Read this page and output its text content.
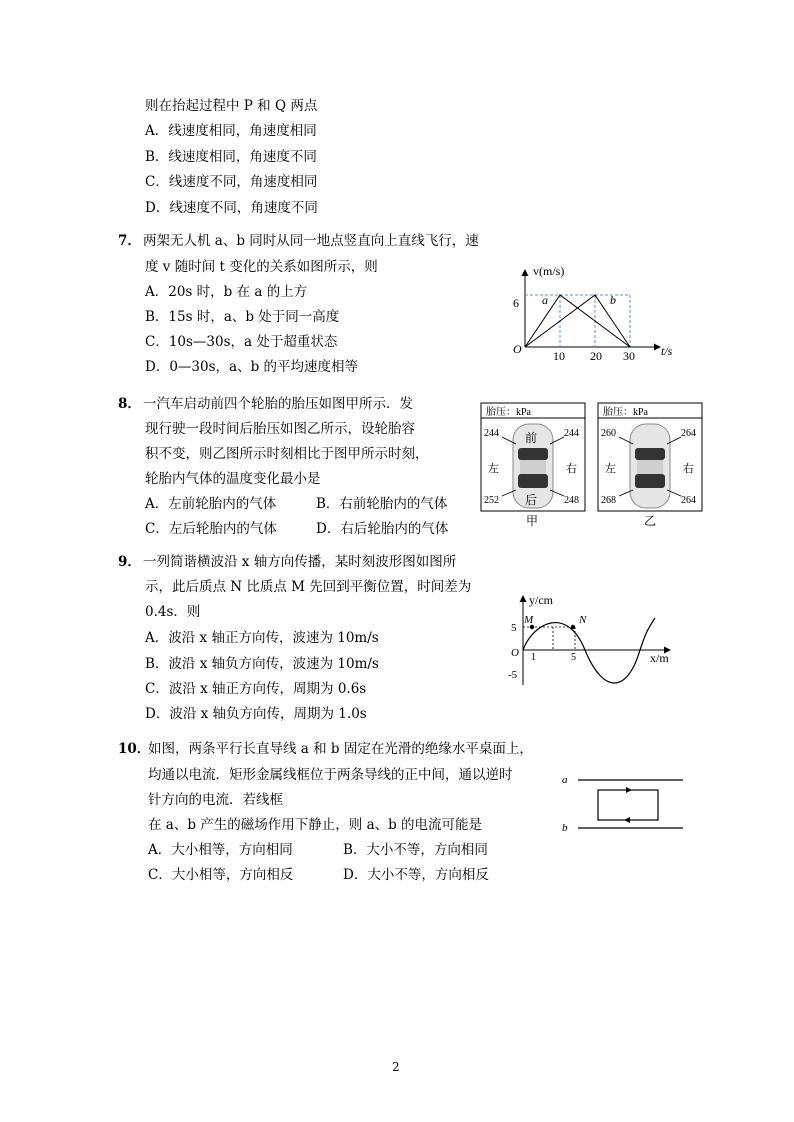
则在抬起过程中 P 和 Q 两点
A．线速度相同，角速度相同
B．线速度相同，角速度不同
C．线速度不同，角速度相同
D．线速度不同，角速度不同
7． 两架无人机 a、b 同时从同一地点竖直向上直线飞行，速
度 v 随时间 t 变化的关系如图所示，则
A．20s 时，b 在 a 的上方
B．15s 时，a、b 处于同一高度
C．10s—30s，a 处于超重状态
D．0—30s，a、b 的平均速度相等
v(m/s)
t/s
O
6
10 20 30
a	b
8． 一汽车启动前四个轮胎的胎压如图甲所示．发
现行驶一段时间后胎压如图乙所示，设轮胎容
积不变，则乙图所示时刻相比于图甲所示时刻，
轮胎内气体的温度变化最小是
A．左前轮胎内的气体	B．右前轮胎内的气体
C．左后轮胎内的气体	D．右后轮胎内的气体
胎压：kPa
前
后
左	右
244	244
252	248
甲
胎压：kPa
左	右
260	264
268	264
乙
9． 一列简谐横波沿 x 轴方向传播，某时刻波形图如图所
示，此后质点 N 比质点 M 先回到平衡位置，时间差为
0.4s．则
A．波沿 x 轴正方向传，波速为 10m/s
B．波沿 x 轴负方向传，波速为 10m/s
C．波沿 x 轴正方向传，周期为 0.6s
D．波沿 x 轴负方向传，周期为 1.0s
y/cm
x/m
O
5
-5
1	5
M	N
10．
如图，两条平行长直导线 a 和 b 固定在光滑的绝缘水平桌面上，
均通以电流．矩形金属线框位于两条导线的正中间，通以逆时
针方向的电流．若线框
在 a、b 产生的磁场作用下静止，则 a、b 的电流可能是
A．大小相等，方向相同	B．大小不等，方向相同
C．大小相等，方向相反	D．大小不等，方向相反
a
b
2
